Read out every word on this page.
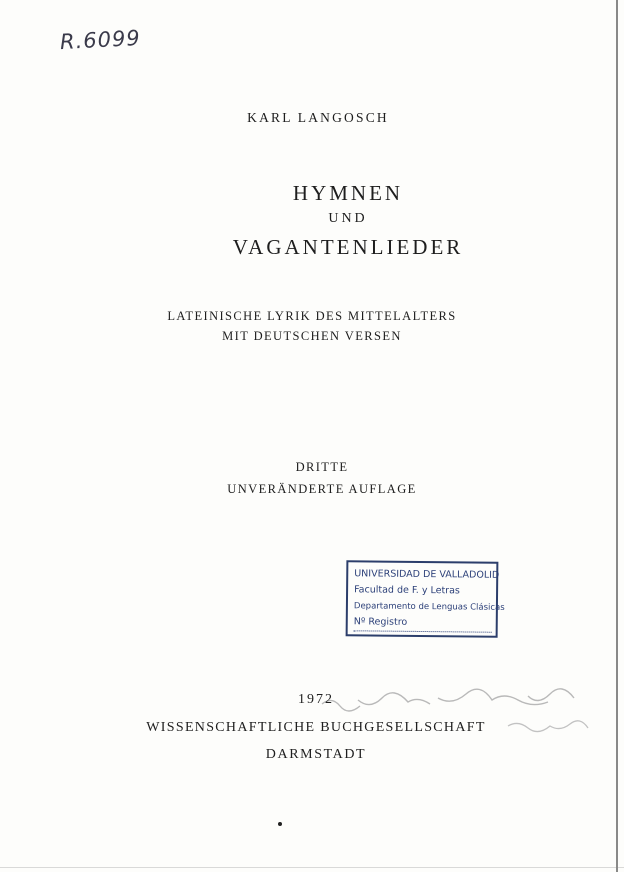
R.6099
KARL LANGOSCH
HYMNEN
UND
VAGANTENLIEDER
LATEINISCHE LYRIK DES MITTELALTERS
MIT DEUTSCHEN VERSEN
DRITTE
UNVERÄNDERTE AUFLAGE
UNIVERSIDAD DE VALLADOLID
Facultad de F. y Letras
Departamento de Lenguas Clásicas
Nº Registro
1972
WISSENSCHAFTLICHE BUCHGESELLSCHAFT
DARMSTADT
